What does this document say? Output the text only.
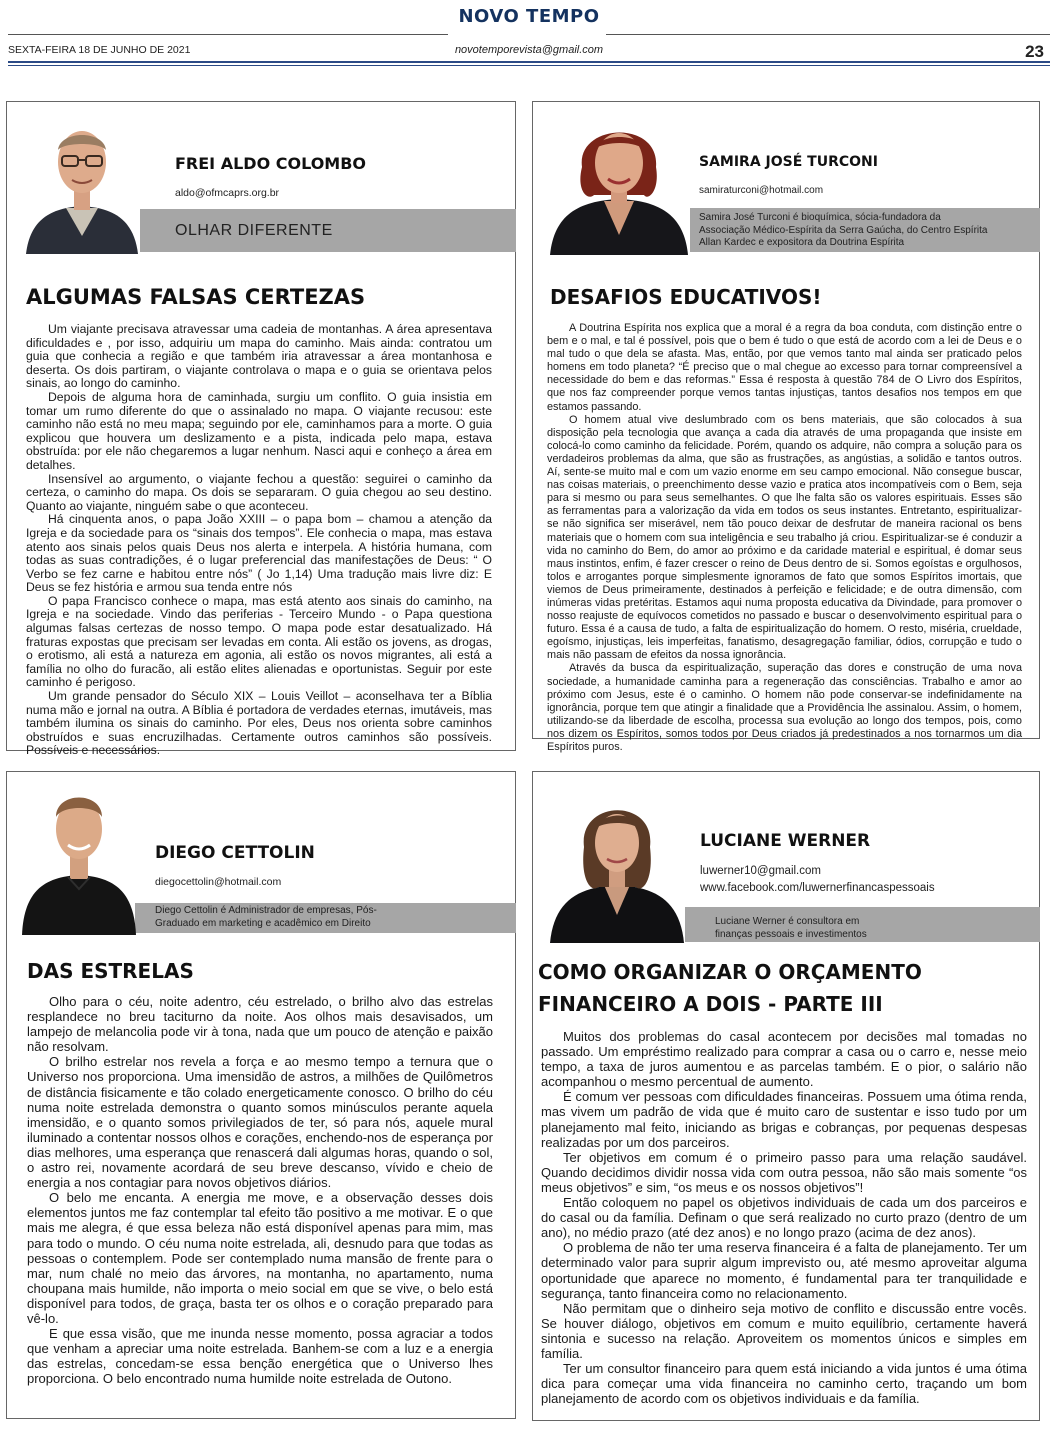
NOVO TEMPO
SEXTA-FEIRA 18 DE JUNHO DE 2021	novotemporevista@gmail.com	23
FREI ALDO COLOMBO
aldo@ofmcaprs.org.br
OLHAR DIFERENTE
ALGUMAS FALSAS CERTEZAS

Um viajante precisava atravessar uma cadeia de montanhas. A área apresentava dificuldades e , por isso, adquiriu um mapa do caminho. Mais ainda: contratou um guia que conhecia a região e que também iria atravessar a área montanhosa e deserta. Os dois partiram, o viajante controlava o mapa e o guia se orientava pelos sinais, ao longo do caminho.

Depois de alguma hora de caminhada, surgiu um conflito. O guia insistia em tomar um rumo diferente do que o assinalado no mapa. O viajante recusou: este caminho não está no meu mapa; seguindo por ele, caminhamos para a morte. O guia explicou que houvera um deslizamento e a pista, indicada pelo mapa, estava obstruída: por ele não chegaremos a lugar nenhum. Nasci aqui e conheço a área em detalhes.

Insensível ao argumento, o viajante fechou a questão: seguirei o caminho da certeza, o caminho do mapa. Os dois se separaram. O guia chegou ao seu destino. Quanto ao viajante, ninguém sabe o que aconteceu.

Há cinquenta anos, o papa João XXIII – o papa bom – chamou a atenção da Igreja e da sociedade para os “sinais dos tempos”. Ele conhecia o mapa, mas estava atento aos sinais pelos quais Deus nos alerta e interpela. A história humana, com todas as suas contradições, é o lugar preferencial das manifestações de Deus: “ O Verbo se fez carne e habitou entre nós” ( Jo 1,14) Uma tradução mais livre diz: E Deus se fez história e armou sua tenda entre nós

O papa Francisco conhece o mapa, mas está atento aos sinais do caminho, na Igreja e na sociedade. Vindo das periferias - Terceiro Mundo - o Papa questiona algumas falsas certezas de nosso tempo. O mapa pode estar desatualizado. Há fraturas expostas que precisam ser levadas em conta. Ali estão os jovens, as drogas, o erotismo, ali está a natureza em agonia, ali estão os novos migrantes, ali está a família no olho do furacão, ali estão elites alienadas e oportunistas. Seguir por este caminho é perigoso.

Um grande pensador do Século XIX – Louis Veillot – aconselhava ter a Bíblia numa mão e jornal na outra. A Bíblia é portadora de verdades eternas, imutáveis, mas também ilumina os sinais do caminho. Por eles, Deus nos orienta sobre caminhos obstruídos e suas encruzilhadas. Certamente outros caminhos são possíveis. Possíveis e necessários.

SAMIRA JOSÉ TURCONI
samiraturconi@hotmail.com
Samira José Turconi é bioquímica, sócia-fundadora da Associação Médico-Espírita da Serra Gaúcha, do Centro Espírita Allan Kardec e expositora da Doutrina Espírita
DESAFIOS EDUCATIVOS!

A Doutrina Espírita nos explica que a moral é a regra da boa conduta, com distinção entre o bem e o mal, e tal é possível, pois que o bem é tudo o que está de acordo com a lei de Deus e o mal tudo o que dela se afasta. Mas, então, por que vemos tanto mal ainda ser praticado pelos homens em todo planeta? “É preciso que o mal chegue ao excesso para tornar compreensível a necessidade do bem e das reformas.” Essa é resposta à questão 784 de O Livro dos Espíritos, que nos faz compreender porque vemos tantas injustiças, tantos desafios nos tempos em que estamos passando.

O homem atual vive deslumbrado com os bens materiais, que são colocados à sua disposição pela tecnologia que avança a cada dia através de uma propaganda que insiste em colocá-lo como caminho da felicidade. Porém, quando os adquire, não compra a solução para os verdadeiros problemas da alma, que são as frustrações, as angústias, a solidão e tantos outros. Aí, sente-se muito mal e com um vazio enorme em seu campo emocional. Não consegue buscar, nas coisas materiais, o preenchimento desse vazio e pratica atos incompatíveis com o Bem, seja para si mesmo ou para seus semelhantes. O que lhe falta são os valores espirituais. Esses são as ferramentas para a valorização da vida em todos os seus instantes. Entretanto, espiritualizar-se não significa ser miserável, nem tão pouco deixar de desfrutar de maneira racional os bens materiais que o homem com sua inteligência e seu trabalho já criou. Espiritualizar-se é conduzir a vida no caminho do Bem, do amor ao próximo e da caridade material e espiritual, é domar seus maus instintos, enfim, é fazer crescer o reino de Deus dentro de si. Somos egoístas e orgulhosos, tolos e arrogantes porque simplesmente ignoramos de fato que somos Espíritos imortais, que viemos de Deus primeiramente, destinados à perfeição e felicidade; e de outra dimensão, com inúmeras vidas pretéritas. Estamos aqui numa proposta educativa da Divindade, para promover o nosso reajuste de equívocos cometidos no passado e buscar o desenvolvimento espiritual para o futuro. Essa é a causa de tudo, a falta de espiritualização do homem. O resto, miséria, crueldade, egoísmo, injustiças, leis imperfeitas, fanatismo, desagregação familiar, ódios, corrupção e tudo o mais não passam de efeitos da nossa ignorância.

Através da busca da espiritualização, superação das dores e construção de uma nova sociedade, a humanidade caminha para a regeneração das consciências. Trabalho e amor ao próximo com Jesus, este é o caminho. O homem não pode conservar-se indefinidamente na ignorância, porque tem que atingir a finalidade que a Providência lhe assinalou. Assim, o homem, utilizando-se da liberdade de escolha, processa sua evolução ao longo dos tempos, pois, como nos dizem os Espíritos, somos todos por Deus criados já predestinados a nos tornarmos um dia Espíritos puros.

DIEGO CETTOLIN
diegocettolin@hotmail.com
Diego Cettolin é Administrador de empresas, Pós-Graduado em marketing e acadêmico em Direito
DAS ESTRELAS

Olho para o céu, noite adentro, céu estrelado, o brilho alvo das estrelas resplandece no breu taciturno da noite. Aos olhos mais desavisados, um lampejo de melancolia pode vir à tona, nada que um pouco de atenção e paixão não resolvam.

O brilho estrelar nos revela a força e ao mesmo tempo a ternura que o Universo nos proporciona. Uma imensidão de astros, a milhões de Quilômetros de distância fisicamente e tão colado energeticamente conosco. O brilho do céu numa noite estrelada demonstra o quanto somos minúsculos perante aquela imensidão, e o quanto somos privilegiados de ter, só para nós, aquele mural iluminado a contentar nossos olhos e corações, enchendo-nos de esperança por dias melhores, uma esperança que renascerá dali algumas horas, quando o sol, o astro rei, novamente acordará de seu breve descanso, vívido e cheio de energia a nos contagiar para novos objetivos diários.

O belo me encanta. A energia me move, e a observação desses dois elementos juntos me faz contemplar tal efeito tão positivo a me motivar. E o que mais me alegra, é que essa beleza não está disponível apenas para mim, mas para todo o mundo. O céu numa noite estrelada, ali, desnudo para que todas as pessoas o contemplem. Pode ser contemplado numa mansão de frente para o mar, num chalé no meio das árvores, na montanha, no apartamento, numa choupana mais humilde, não importa o meio social em que se vive, o belo está disponível para todos, de graça, basta ter os olhos e o coração preparado para vê-lo.

E que essa visão, que me inunda nesse momento, possa agraciar a todos que venham a apreciar uma noite estrelada. Banhem-se com a luz e a energia das estrelas, concedam-se essa benção energética que o Universo lhes proporciona. O belo encontrado numa humilde noite estrelada de Outono.

LUCIANE WERNER
luwerner10@gmail.com
www.facebook.com/luwernerfinancaspessoais
Luciane Werner é consultora em finanças pessoais e investimentos
COMO ORGANIZAR O ORÇAMENTO FINANCEIRO A DOIS - PARTE III

Muitos dos problemas do casal acontecem por decisões mal tomadas no passado. Um empréstimo realizado para comprar a casa ou o carro e, nesse meio tempo, a taxa de juros aumentou e as parcelas também. E o pior, o salário não acompanhou o mesmo percentual de aumento.

É comum ver pessoas com dificuldades financeiras. Possuem uma ótima renda, mas vivem um padrão de vida que é muito caro de sustentar e isso tudo por um planejamento mal feito, iniciando as brigas e cobranças, por pequenas despesas realizadas por um dos parceiros.

Ter objetivos em comum é o primeiro passo para uma relação saudável. Quando decidimos dividir nossa vida com outra pessoa, não são mais somente “os meus objetivos” e sim, “os meus e os nossos objetivos”!

Então coloquem no papel os objetivos individuais de cada um dos parceiros e do casal ou da família. Definam o que será realizado no curto prazo (dentro de um ano), no médio prazo (até dez anos) e no longo prazo (acima de dez anos).

O problema de não ter uma reserva financeira é a falta de planejamento. Ter um determinado valor para suprir algum imprevisto ou, até mesmo aproveitar alguma oportunidade que aparece no momento, é fundamental para ter tranquilidade e segurança, tanto financeira como no relacionamento.

Não permitam que o dinheiro seja motivo de conflito e discussão entre vocês. Se houver diálogo, objetivos em comum e muito equilíbrio, certamente haverá sintonia e sucesso na relação. Aproveitem os momentos únicos e simples em família.

Ter um consultor financeiro para quem está iniciando a vida juntos é uma ótima dica para começar uma vida financeira no caminho certo, traçando um bom planejamento de acordo com os objetivos individuais e da família.
